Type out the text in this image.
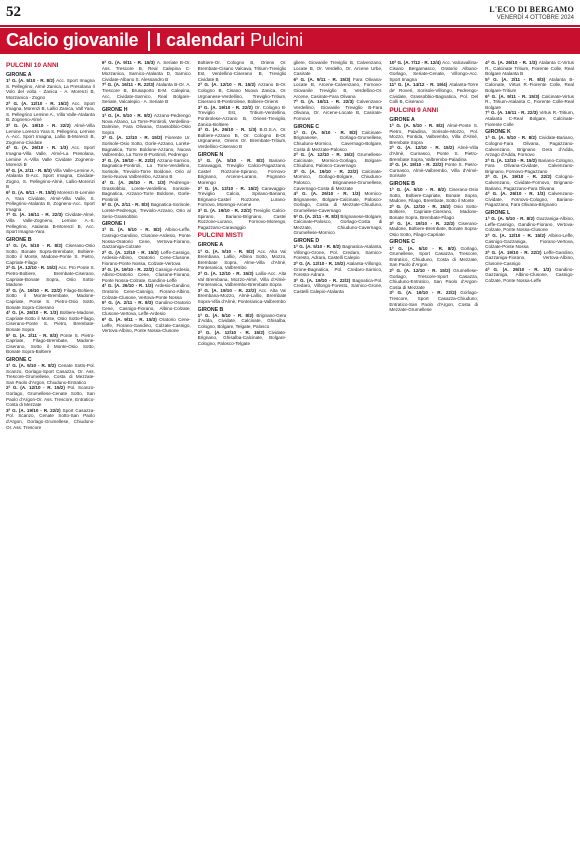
52	L'ECO DI BERGAMO
VENERDÌ 4 OTTOBRE 2024
Calcio giovanile I calendari Pulcini
PULCINI 10 ANNI
GIRONE A
1ª G. (A. 5/10 - R. 8/2) Acc. Sport Imagna S. Pellegrino, Almè Zanica, La Presolana Il Volo del volta - Zanica - A. Morenzi B, Mozzanica - Zogno
2ª G. (A. 12/10 - R. 15/2) Acc. Sport Imagna, Morenzi B, Lallio Zanica, Vall Yara, S. Pellegrino Lemine A., Villa Valle-Atalanta B, Zogneno-Almè
3ª G. (A. 19/10 - R. 22/2) Almè-Villa Lemine Lorenzo Yara S. Pellegrino, Lemine A.-Acc. Sport Imagna, Lallio B-Morenzi B, Zogneno-Cividate
4ª G. (A. 26/10 - R. 1/3) Acc. Sport Imagna-Villa Valle, Almè-La Presolana, Lemine A.-Villa Valle Cividate Zogneno-Morenzi B
5ª G. (A. 2/11 - R. 8/3) Villa Valle-Lemine A, Atalanta B-Acc. Sport Imagna, Cividate-Zogno, S. Pellegrino-Almè, Lallio-Morenzi B
6ª G. (A. 9/11 - R. 15/3) Morenzi B-Lemine A, Yara Cividate, Almè-Villa Valle, S. Pellegrino-Atalanta B, Zogneno-Acc. Sport Imagna
7ª G. (A. 16/11 - R. 22/3) Cividate-Almè, Villa Valle-Zogneno, Lemine A.-S. Pellegrino, Atalanta B-Morenzi B, Acc. Sport Imagna-Yara
GIRONE B
1ª G. (A. 5/10 - R. 8/2) Ciserano-Osio Sotto, Bonate Sopra-Brembate, Boltiere-Sotto il Monte, Madone-Ponte S. Pietro, Capriate-Filago
2ª G. (A. 12/10 - R. 15/2) Acc. Pro Ponte S. Pietro-Boltiere, Brembate-Ciserano, Capriate-Bonate Sopra, Osio Sotto-Madone
3ª G. (A. 19/10 - R. 22/2) Filago-Boltiere, Sotto il Monte-Brembate, Madone-Capriate, Ponte S. Pietro-Osio Sotto, Bonate Sopra-Ciserano
4ª G. (A. 26/10 - R. 1/3) Boltiere-Madone, Capriate-Sotto il Monte, Osio Sotto-Filago, Ciserano-Ponte S. Pietro, Brembate-Bonate Sopra
5ª G. (A. 2/11 - R. 8/3) Ponte S. Pietro-Capriate, Filago-Brembate, Madone-Ciserano, Sotto il Monte-Osio Sotto, Bonate Sopra-Boltiere
GIRONE C
1ª G. (A. 5/10 - R. 8/2) Cenate Sotto-Pol. Scanzo, Gorlago-Sport Casazza, Or. Ass. Trescore-Grumellese, Costa di Mezzate-San Paolo d'Argon, Chiuduno-Entratico
2ª G. (A. 12/10 - R. 15/2) Pol. Scanzo-Gorlago, Grumellese-Cenate Sotto, San Paolo d'Argon-Or. Ass. Trescore, Entratico-Costa di Mezzate
3ª G. (A. 19/10 - R. 22/2) Sport Casazza-Pol. Scanzo, Cenate Sotto-San Paolo d'Argon, Gorlago-Grumellese, Chiuduno-Or. Ass. Trescore
6ª G. (A. 9/11 - R. 15/3) A. Seriate B-Or. Ass. Trescore B, Real Calepina C-Mozzanica, Sarnico-Atalanta D, Sarnico Cividate-Albano S. Alessandro B
7ª G. (A. 16/11 - R. 22/3) Atalanta B-Or. A. Trescore B, Brusaporto B-M. Calepina, Acc. Cividate-Sarnico, Real Bolgare-Seriate, Valcalepio - A. Seriate B
GIRONE H
1ª G. (A. 5/10 - R. 8/2) Azzano-Pedrengo Nova Alzano, La Torre-Pontiroli, Verdellino-Dalmine, Fara Olivana, Grassobbio-Osio Sopra
2ª G. (A. 12/10 - R. 15/2) Fiorente Ur. Sorisole-Osio Sotto, Gorle-Azzano, Lorete-Bagnatica, Torre Boldone-Azzano, Nuova Valbrembo, La Torre B-Pontiroli, Pedrengo
3ª G. (A. 19/10 - R. 22/2) Azzano-Sarnico, Bagnatica-Pontiroli, La Torre-Verdellino, Sorisole, Treviolo-Torre Boldone, Orio al Serio-Nuova Valbrembo, Azzano B
4ª G. (A. 26/10 - R. 1/3) Pedrengo-Grassobbio, Lorete-Verdellino, Sorisole-Bagnatica, Azzano-Torre Boldone, Gorle-Pontiroli
5ª G. (A. 2/11 - R. 8/3) Bagnatica-Sorisole, Lorete-Pedrengo, Treviolo-Azzano, Orio al Serio-Grassobbio
GIRONE I
1ª G. (A. 5/10 - R. 8/2) Albino-Leffe, Casnigo-Gandino, Clusone-Ardesio, Ponte Nossa-Oratorio Cene, Vertova-Fiorano, Gazzaniga-Colzate
2ª G. (A. 12/10 - R. 15/2) Leffe-Casnigo, Ardesio-Albino, Oratorio Cene-Clusone, Fiorano-Ponte Nossa, Colzate-Vertova
3ª G. (A. 19/10 - R. 22/2) Casnigo-Ardesio, Albino-Oratorio Cene, Clusone-Fiorano, Ponte Nossa-Colzate, Gandino-Leffe
4ª G. (A. 26/10 - R. 1/3) Ardesio-Gandino, Oratorio Cene-Casnigo, Fiorano-Albino, Colzate-Clusone, Vertova-Ponte Nossa
5ª G. (A. 2/11 - R. 8/3) Gandino-Oratorio Cene, Casnigo-Fiorano, Albino-Colzate, Clusone-Vertova, Leffe-Ardesio
6ª G. (A. 9/11 - R. 15/3) Oratorio Cene-Leffe, Fiorano-Gandino, Colzate-Casnigo, Vertova-Albino, Ponte Nossa-Clusone
Boltiere-Or. Cologno B, Oriens Or. Brembate-Cisano Valcava, Tritium-Treviglio Est, Verdellino-Ciserano B, Treviglio Cividate B
2ª G. (A. 12/10 - R. 15/2) Azzano B-Or. Cologno B, Cisano Nuova Zanica, Or. Urgnanese-Verdellino, Treviglio-Tritium, Ciserano B-Pontirolese, Boltiere-Oriens
3ª G. (A. 19/10 - R. 22/2) Or. Cologno B-Treviglio Est, Tritium-Verdellino, Pontirolese-Azzano B, Oriens-Treviglio, Zanica-Boltiere
4ª G. (A. 26/10 - R. 1/3) B.O.S.A. Or. Boltiere-Azzano B, Or. Cologno B-Or. Urgnanese, Oriens Or. Brembate-Tritium, Verdellino-Ciserano B
GIRONE N
1ª G. (A. 5/10 - R. 8/2) Bariano-Caravaggio, Treviglio Calcio-Pagazzano, Castel Rozzone-Spirano, Fornovo-Brignano, Arcene-Lurano, Pognano-Morengo
2ª G. (A. 12/10 - R. 15/2) Caravaggio-Treviglio Calcio, Spirano-Bariano, Brignano-Castel Rozzone, Lurano-Fornovo, Morengo-Arcene
3ª G. (A. 19/10 - R. 22/2) Treviglio Calcio-Spirano, Bariano-Brignano, Castel Rozzone-Lurano, Fornovo-Morengo, Pagazzano-Caravaggio
PULCINI MISTI
GIRONE A
1ª G. (A. 5/10 - R. 8/2) Acc. Alta Val Brembana, Lallio, Albino Sotto, Mozzo, Brembate Sopra, Alme-Villa d'Almè, Ponteranica, Valbrembo
2ª G. (A. 12/10 - R. 15/2) Lallio-Acc. Alta Val Brembana, Mozzo-Almè, Villa d'Almè-Ponteranica, Valbrembo-Brembate Sopra
3ª G. (A. 19/10 - R. 22/2) Acc. Alta Val Brembana-Mozzo, Almè-Lallio, Brembate Sopra-Villa d'Almè, Ponteranica-Valbrembo
GIRONE B
1ª G. (A. 5/10 - R. 8/2) Brignano-Gera d'Adda, Cividate, Calcinate, Ghisalba, Cologno, Bolgare, Telgate, Palosco
2ª G. (A. 12/10 - R. 15/2) Cividate-Brignano, Ghisalba-Calcinate, Bolgare-Cologno, Palosco-Telgate
gliere, Giovanile Treviglio B, Calvenzano, Locate B, Or. Verdello, Or. Arcene Urbe, Casirate
6ª G. (A. 9/11 - R. 15/3) Fara Olivana-Locate B, Arcene-Calvenzano, Fornovo-Giovanile Treviglio B, Verdellino-Or. Arcene, Casirate-Fara Olivana
7ª G. (A. 16/11 - R. 22/3) Calvenzano-Verdellino, Giovanile Treviglio B-Fara Olivana, Or. Arcene-Locate B, Casirate-Fornovo
GIRONE C
1ª G. (A. 5/10 - R. 8/2) Calcinate-Brignanese, Gorlago-Grumellese, Chiuduno-Mornico, Cavernago-Bolgare, Costa di Mezzate-Palosco
2ª G. (A. 12/10 - R. 15/2) Grumellese-Calcinate, Mornico-Gorlago, Bolgare-Chiuduno, Palosco-Cavernago
3ª G. (A. 19/10 - R. 22/2) Calcinate-Mornico, Gorlago-Bolgare, Chiuduno-Palosco, Brignanese-Grumellese, Cavernago-Costa di Mezzate
4ª G. (A. 26/10 - R. 1/3) Mornico-Brignanese, Bolgare-Calcinate, Palosco-Gorlago, Costa di Mezzate-Chiuduno, Grumellese-Cavernago
5ª G. (A. 2/11 - R. 8/3) Brignanese-Bolgare, Calcinate-Palosco, Gorlago-Costa di Mezzate, Chiuduno-Cavernago, Grumellese-Mornico
GIRONE D
1ª G. (A. 5/10 - R. 8/2) Bagnatica-Atalanta, Villongo-Grone, Pol. Credaro, Sarnico-Foresto, Adrara, Castelli Calepio
2ª G. (A. 12/10 - R. 15/2) Atalanta-Villongo, Grone-Bagnatica, Pol. Credaro-Sarnico, Foresto-Adrara
3ª G. (A. 19/10 - R. 22/2) Bagnatica-Pol. Credaro, Villongo-Foresto, Sarnico-Grone, Castelli Calepio-Atalanta
10ª G. (A. 7/12 - R. 12/4) Acc. Valcavallina-Cisano Bergamasco, Oratorio Albano-Gorlago, Seriate-Cenate, Villongo-Acc. Sport Imagna
11ª G. (A. 14/12 - R. 19/4) Atalanta-Torre de' Roveri, Sorisole-Villongo, Pedrengo-Cividate, Grassobbio-Bagnatica, Pol. Del Colli B, Ciserano
PULCINI 9 ANNI
GIRONE A
1ª G. (A. 5/10 - R. 8/2) Almè-Ponte S. Pietro, Paladina, Sorisole-Mozzo, Pol. Mozzo, Pontida, Valbrembo, Villa d'Almè, Brembate Sopra
2ª G. (A. 12/10 - R. 15/2) Almè-Villa d'Almè, Curnasco, Ponte S. Pietro-Brembate Sopra, Valbrembo-Paladina
3ª G. (A. 19/10 - R. 22/2) Ponte S. Pietro-Curnasco, Almè-Valbrembo, Villa d'Almè-Sorisole
GIRONE B
1ª G. (A. 5/10 - R. 8/2) Ciserano-Osio Sotto, Boltiere-Capriate, Bonate Sopra, Madone, Filago, Brembate, Sotto il Monte
2ª G. (A. 12/10 - R. 15/2) Osio Sotto-Boltiere, Capriate-Ciserano, Madone-Bonate Sopra, Brembate-Filago
3ª G. (A. 19/10 - R. 22/2) Ciserano-Madone, Boltiere-Brembate, Bonate Sopra-Osio Sotto, Filago-Capriate
GIRONE C
1ª G. (A. 5/10 - R. 8/2) Gorlago, Grumellese, Sport Casazza, Trescore, Entratico, Chiuduno, Costa di Mezzate, San Paolo d'Argon
2ª G. (A. 12/10 - R. 15/2) Grumellese-Gorlago, Trescore-Sport Casazza, Chiuduno-Entratico, San Paolo d'Argon-Costa di Mezzate
3ª G. (A. 19/10 - R. 22/2) Gorlago-Trescore, Sport Casazza-Chiuduno, Entratico-San Paolo d'Argon, Costa di Mezzate-Grumellese
4ª G. (A. 26/10 - R. 1/3) Atalanta C-Virtus R., Calcinate Tritium, Fiorente Colle, Real Bolgare Atalanta B
5ª G. (A. 2/11 - R. 8/3) Atalanta B-Calcinate, Virtus R.-Fiorente Colle, Real Bolgare-Tritium
6ª G. (A. 9/11 - R. 15/3) Calcinate-Virtus R., Tritium-Atalanta C, Fiorente Colle-Real Bolgare
7ª G. (A. 16/11 - R. 22/3) Virtus R.-Tritium, Atalanta C-Real Bolgare, Calcinate-Fiorente Colle
GIRONE K
1ª G. (A. 5/10 - R. 8/2) Cividate-Bariano, Cologno-Fara Olivana, Pagazzano-Calvenzano, Brignano Gera d'Adda, Arzago d'Adda, Fornovo
2ª G. (A. 12/10 - R. 15/2) Bariano-Cologno, Fara Olivana-Cividate, Calvenzano-Brignano, Fornovo-Pagazzano
3ª G. (A. 19/10 - R. 22/2) Cologno-Calvenzano, Cividate-Fornovo, Brignano-Bariano, Pagazzano-Fara Olivana
4ª G. (A. 26/10 - R. 1/3) Calvenzano-Cividate, Fornovo-Cologno, Bariano-Pagazzano, Fara Olivana-Brignano
GIRONE L
1ª G. (A. 5/10 - R. 8/2) Gazzaniga-Albino, Leffe-Casnigo, Gandino-Fiorano, Vertova-Colzate, Ponte Nossa-Clusone
2ª G. (A. 12/10 - R. 15/2) Albino-Leffe, Casnigo-Gazzaniga, Fiorano-Vertova, Colzate-Ponte Nossa
3ª G. (A. 19/10 - R. 22/2) Leffe-Gandino, Gazzaniga-Fiorano, Vertova-Albino, Clusone-Casnigo
4ª G. (A. 26/10 - R. 1/3) Gandino-Gazzaniga, Albino-Clusone, Casnigo-Colzate, Ponte Nossa-Leffe
